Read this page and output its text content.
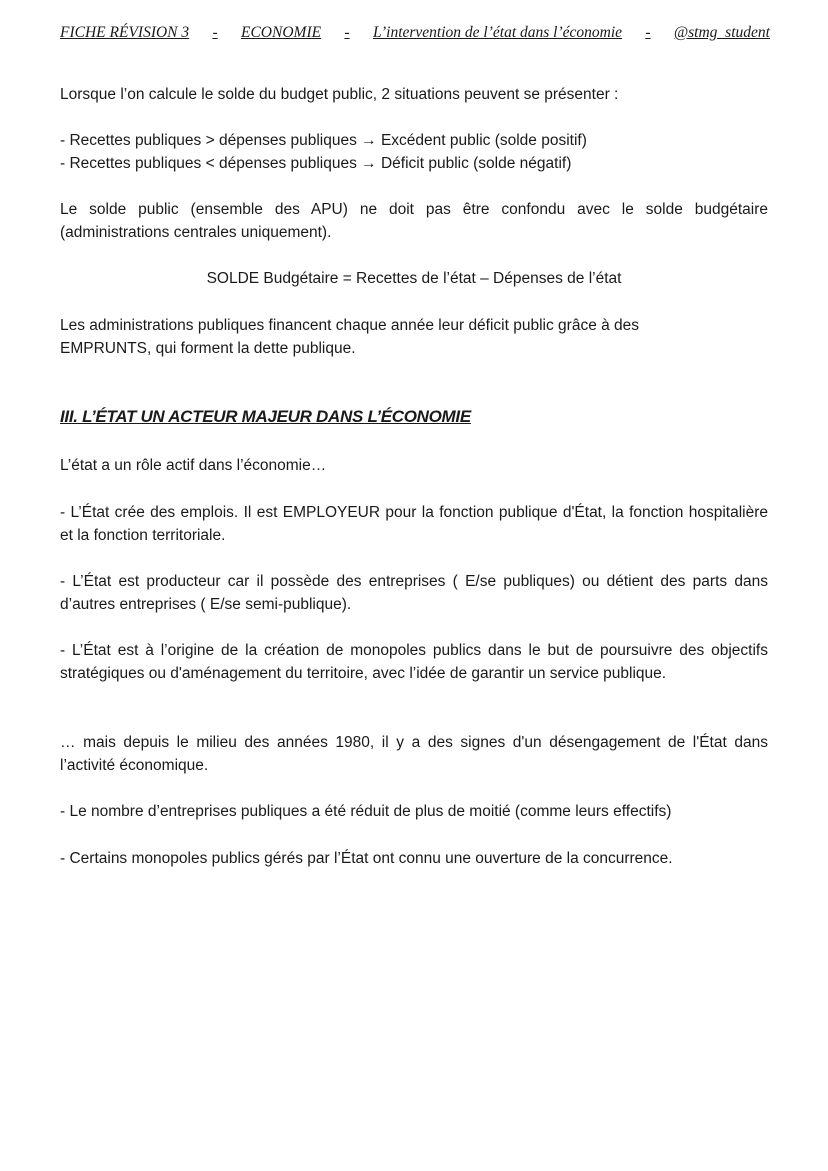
FICHE RÉVISION 3 - ECONOMIE - L’intervention de l’état dans l’économie - @stmg_student

Lorsque l’on calcule le solde du budget public, 2 situations peuvent se présenter :

- Recettes publiques > dépenses publiques → Excédent public (solde positif)
- Recettes publiques < dépenses publiques → Déficit public (solde négatif)

Le solde public (ensemble des APU) ne doit pas être confondu avec le solde budgétaire (administrations centrales uniquement).

SOLDE Budgétaire = Recettes de l’état – Dépenses de l’état

Les administrations publiques financent chaque année leur déficit public grâce à des
EMPRUNTS, qui forment la dette publique.
III. L’ÉTAT UN ACTEUR MAJEUR DANS L’ÉCONOMIE

L’état a un rôle actif dans l’économie…

- L’État crée des emplois. Il est EMPLOYEUR pour la fonction publique d'État, la fonction hospitalière et la fonction territoriale.

- L’État est producteur car il possède des entreprises ( E/se publiques) ou détient des parts dans d’autres entreprises ( E/se semi-publique).

- L’État est à l’origine de la création de monopoles publics dans le but de poursuivre des objectifs stratégiques ou d'aménagement du territoire, avec l’idée de garantir un service publique.

… mais depuis le milieu des années 1980, il y a des signes d'un désengagement de l'État dans l’activité économique.

- Le nombre d’entreprises publiques a été réduit de plus de moitié (comme leurs effectifs)

- Certains monopoles publics gérés par l’État ont connu une ouverture de la concurrence.
